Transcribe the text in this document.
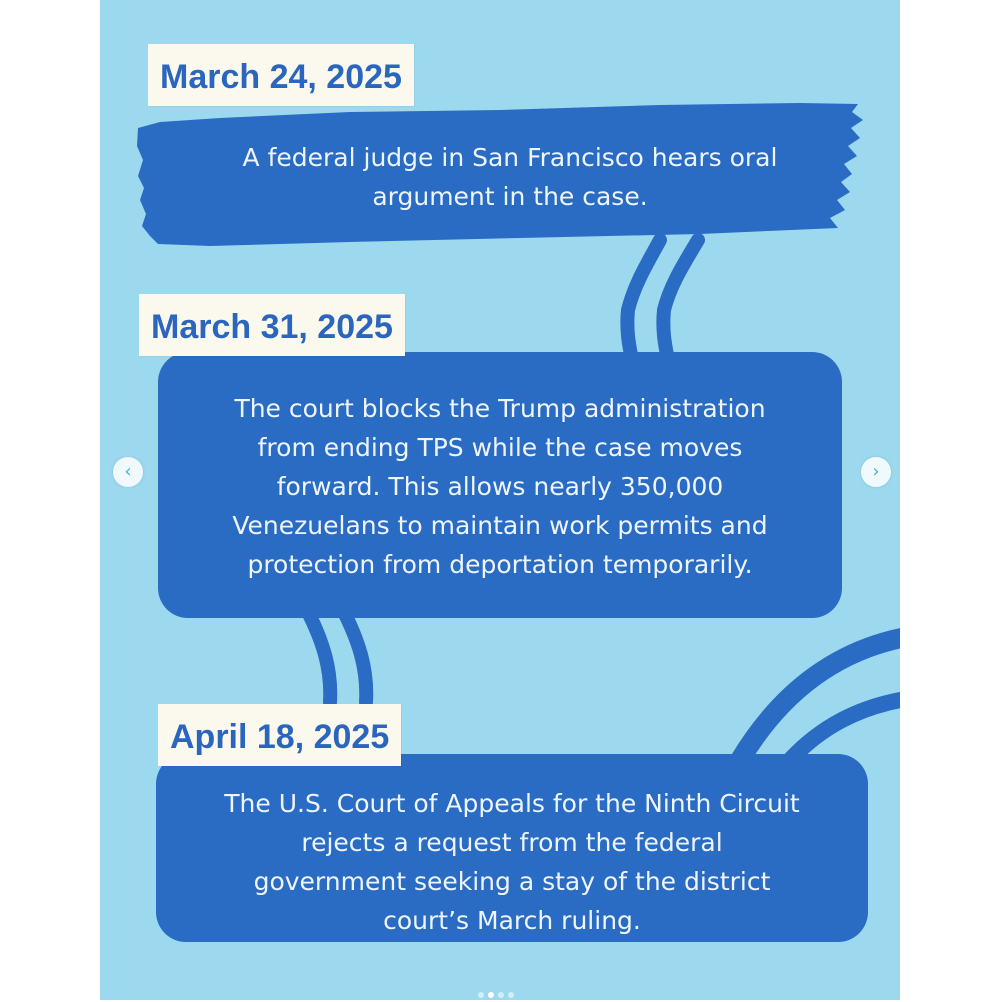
March 24, 2025
A federal judge in San Francisco hears oral
argument in the case.
March 31, 2025
The court blocks the Trump administration
from ending TPS while the case moves
forward. This allows nearly 350,000
Venezuelans to maintain work permits and
protection from deportation temporarily.
April 18, 2025
The U.S. Court of Appeals for the Ninth Circuit
rejects a request from the federal
government seeking a stay of the district
court’s March ruling.
‹	›
